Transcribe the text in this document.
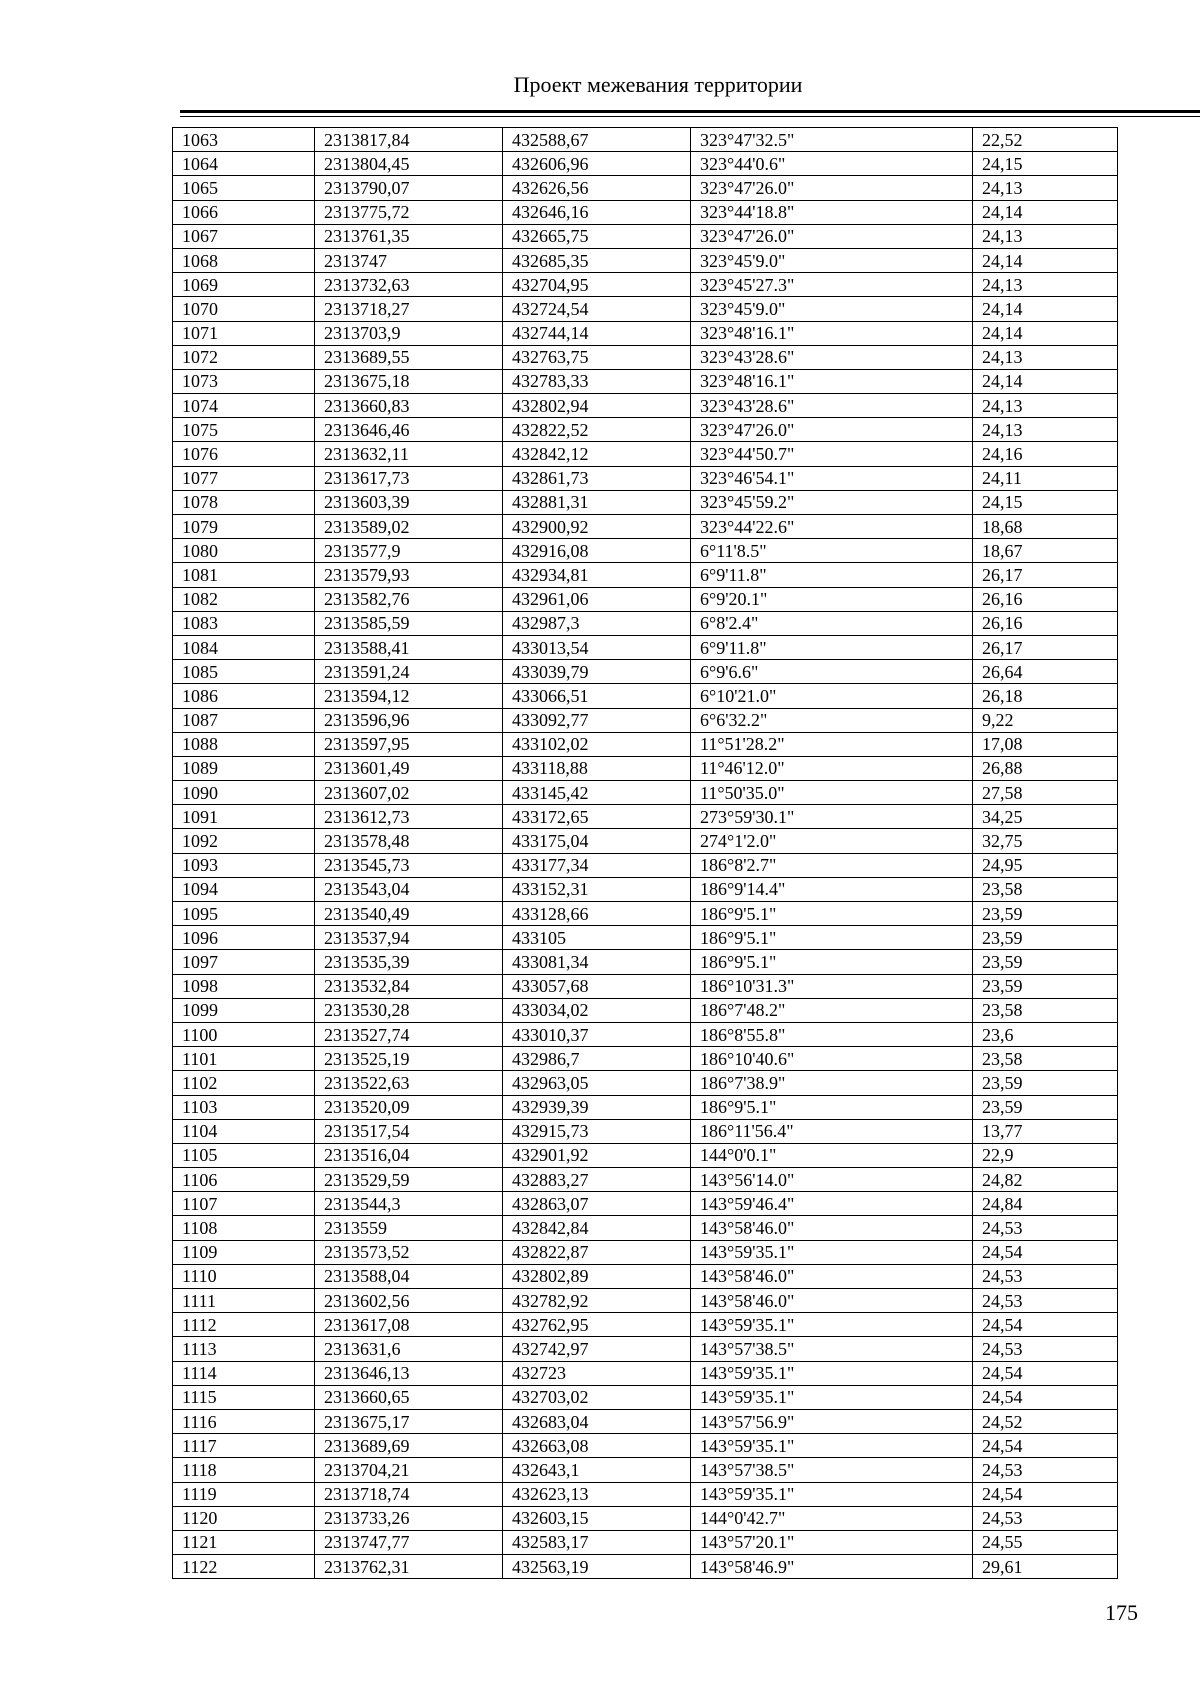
Проект межевания территории
1063	2313817,84	432588,67	323°47'32.5"	22,52
1064	2313804,45	432606,96	323°44'0.6"	24,15
1065	2313790,07	432626,56	323°47'26.0"	24,13
1066	2313775,72	432646,16	323°44'18.8"	24,14
1067	2313761,35	432665,75	323°47'26.0"	24,13
1068	2313747	432685,35	323°45'9.0"	24,14
1069	2313732,63	432704,95	323°45'27.3"	24,13
1070	2313718,27	432724,54	323°45'9.0"	24,14
1071	2313703,9	432744,14	323°48'16.1"	24,14
1072	2313689,55	432763,75	323°43'28.6"	24,13
1073	2313675,18	432783,33	323°48'16.1"	24,14
1074	2313660,83	432802,94	323°43'28.6"	24,13
1075	2313646,46	432822,52	323°47'26.0"	24,13
1076	2313632,11	432842,12	323°44'50.7"	24,16
1077	2313617,73	432861,73	323°46'54.1"	24,11
1078	2313603,39	432881,31	323°45'59.2"	24,15
1079	2313589,02	432900,92	323°44'22.6"	18,68
1080	2313577,9	432916,08	6°11'8.5"	18,67
1081	2313579,93	432934,81	6°9'11.8"	26,17
1082	2313582,76	432961,06	6°9'20.1"	26,16
1083	2313585,59	432987,3	6°8'2.4"	26,16
1084	2313588,41	433013,54	6°9'11.8"	26,17
1085	2313591,24	433039,79	6°9'6.6"	26,64
1086	2313594,12	433066,51	6°10'21.0"	26,18
1087	2313596,96	433092,77	6°6'32.2"	9,22
1088	2313597,95	433102,02	11°51'28.2"	17,08
1089	2313601,49	433118,88	11°46'12.0"	26,88
1090	2313607,02	433145,42	11°50'35.0"	27,58
1091	2313612,73	433172,65	273°59'30.1"	34,25
1092	2313578,48	433175,04	274°1'2.0"	32,75
1093	2313545,73	433177,34	186°8'2.7"	24,95
1094	2313543,04	433152,31	186°9'14.4"	23,58
1095	2313540,49	433128,66	186°9'5.1"	23,59
1096	2313537,94	433105	186°9'5.1"	23,59
1097	2313535,39	433081,34	186°9'5.1"	23,59
1098	2313532,84	433057,68	186°10'31.3"	23,59
1099	2313530,28	433034,02	186°7'48.2"	23,58
1100	2313527,74	433010,37	186°8'55.8"	23,6
1101	2313525,19	432986,7	186°10'40.6"	23,58
1102	2313522,63	432963,05	186°7'38.9"	23,59
1103	2313520,09	432939,39	186°9'5.1"	23,59
1104	2313517,54	432915,73	186°11'56.4"	13,77
1105	2313516,04	432901,92	144°0'0.1"	22,9
1106	2313529,59	432883,27	143°56'14.0"	24,82
1107	2313544,3	432863,07	143°59'46.4"	24,84
1108	2313559	432842,84	143°58'46.0"	24,53
1109	2313573,52	432822,87	143°59'35.1"	24,54
1110	2313588,04	432802,89	143°58'46.0"	24,53
1111	2313602,56	432782,92	143°58'46.0"	24,53
1112	2313617,08	432762,95	143°59'35.1"	24,54
1113	2313631,6	432742,97	143°57'38.5"	24,53
1114	2313646,13	432723	143°59'35.1"	24,54
1115	2313660,65	432703,02	143°59'35.1"	24,54
1116	2313675,17	432683,04	143°57'56.9"	24,52
1117	2313689,69	432663,08	143°59'35.1"	24,54
1118	2313704,21	432643,1	143°57'38.5"	24,53
1119	2313718,74	432623,13	143°59'35.1"	24,54
1120	2313733,26	432603,15	144°0'42.7"	24,53
1121	2313747,77	432583,17	143°57'20.1"	24,55
1122	2313762,31	432563,19	143°58'46.9"	29,61
175
